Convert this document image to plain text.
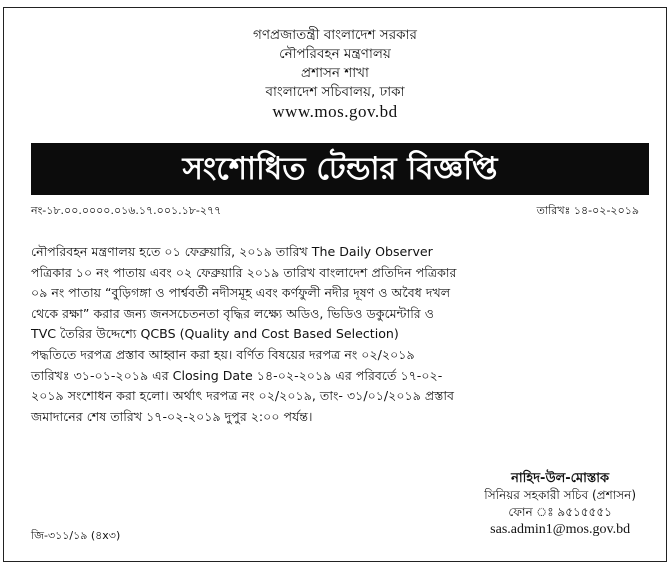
গণপ্রজাতন্ত্রী বাংলাদেশ সরকার
নৌপরিবহন মন্ত্রণালয়
প্রশাসন শাখা
বাংলাদেশ সচিবালয়, ঢাকা
www.mos.gov.bd
সংশোধিত টেন্ডার বিজ্ঞপ্তি
নং-১৮.০০.০০০০.০১৬.১৭.০০১.১৮-২৭৭	তারিখঃ ১৪-০২-২০১৯
নৌপরিবহন মন্ত্রণালয় হতে ০১ ফেব্রুয়ারি, ২০১৯ তারিখ The Daily Observer
পত্রিকার ১০ নং পাতায় এবং ০২ ফেব্রুয়ারি ২০১৯ তারিখ বাংলাদেশ প্রতিদিন পত্রিকার
০৯ নং পাতায় “বুড়িগঙ্গা ও পার্শ্ববর্তী নদীসমূহ এবং কর্ণফুলী নদীর দূষণ ও অবৈধ দখল
থেকে রক্ষা” করার জন্য জনসচেতনতা বৃদ্ধির লক্ষ্যে অডিও, ভিডিও ডকুমেন্টারি ও
TVC তৈরির উদ্দেশ্যে QCBS (Quality and Cost Based Selection)
পদ্ধতিতে দরপত্র প্রস্তাব আহ্বান করা হয়। বর্ণিত বিষয়ের দরপত্র নং ০২/২০১৯
তারিখঃ ৩১-০১-২০১৯ এর Closing Date ১৪-০২-২০১৯ এর পরিবর্তে ১৭-০২-
২০১৯ সংশোধন করা হলো। অর্থাৎ দরপত্র নং ০২/২০১৯, তাং- ৩১/০১/২০১৯ প্রস্তাব
জমাদানের শেষ তারিখ ১৭-০২-২০১৯ দুপুর ২:০০ পর্যন্ত।
নাহিদ-উল-মোস্তাক
সিনিয়র সহকারী সচিব (প্রশাসন)
ফোন ঃ ৯৫১৫৫৫১
sas.admin1@mos.gov.bd
জি-৩১১/১৯ (৪x৩)
